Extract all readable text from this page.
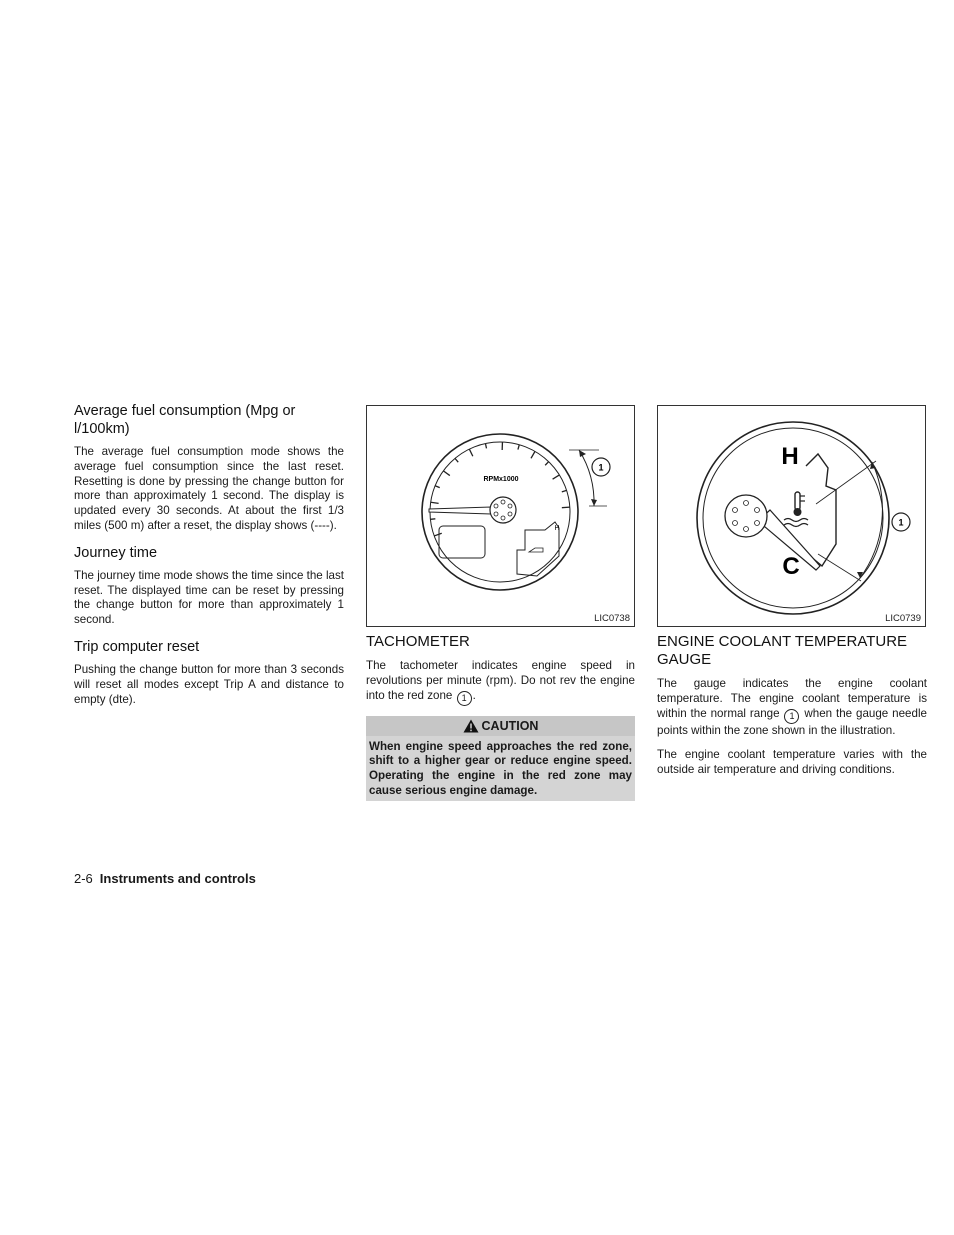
Average fuel consumption (Mpg or l/100km)

The average fuel consumption mode shows the average fuel consumption since the last reset. Resetting is done by pressing the change button for more than approximately 1 second. The display is updated every 30 seconds. At about the first 1/3 miles (500 m) after a reset, the display shows (----).

Journey time

The journey time mode shows the time since the last reset. The displayed time can be reset by pressing the change button for more than approximately 1 second.

Trip computer reset

Pushing the change button for more than 3 seconds will reset all modes except Trip A and distance to empty (dte).

RPMx1000
H
1
LIC0738
TACHOMETER

The tachometer indicates engine speed in revolutions per minute (rpm). Do not rev the engine into the red zone 1 .

CAUTION
When engine speed approaches the red zone, shift to a higher gear or reduce engine speed. Operating the engine in the red zone may cause serious engine damage.
H
C
1
LIC0739
ENGINE COOLANT TEMPERATURE GAUGE

The gauge indicates the engine coolant temperature. The engine coolant temperature is within the normal range 1 when the gauge needle points within the zone shown in the illustration.

The engine coolant temperature varies with the outside air temperature and driving conditions.

2-6 Instruments and controls
